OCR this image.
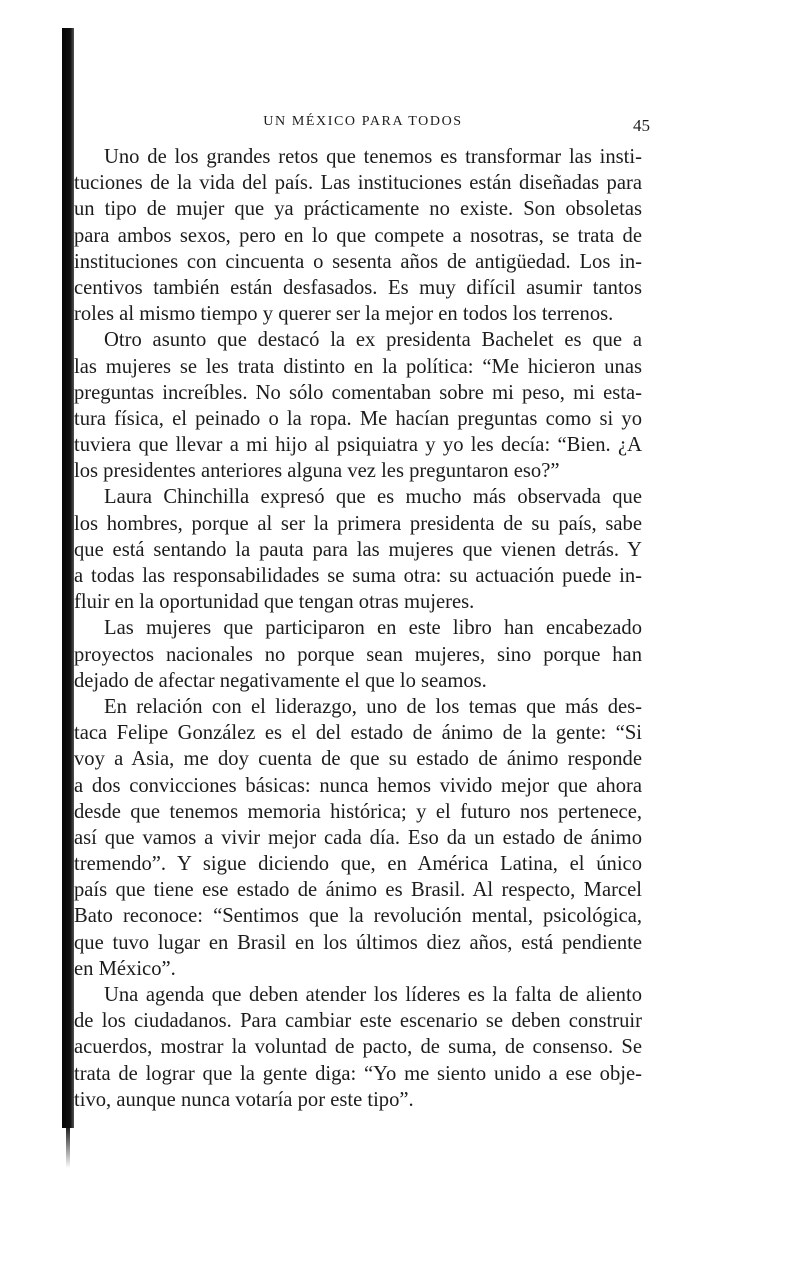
UN MÉXICO PARA TODOS	45
Uno de los grandes retos que tenemos es transformar las insti-
tuciones de la vida del país. Las instituciones están diseñadas para
un tipo de mujer que ya prácticamente no existe. Son obsoletas
para ambos sexos, pero en lo que compete a nosotras, se trata de
instituciones con cincuenta o sesenta años de antigüedad. Los in-
centivos también están desfasados. Es muy difícil asumir tantos
roles al mismo tiempo y querer ser la mejor en todos los terrenos.
Otro asunto que destacó la ex presidenta Bachelet es que a
las mujeres se les trata distinto en la política: “Me hicieron unas
preguntas increíbles. No sólo comentaban sobre mi peso, mi esta-
tura física, el peinado o la ropa. Me hacían preguntas como si yo
tuviera que llevar a mi hijo al psiquiatra y yo les decía: “Bien. ¿A
los presidentes anteriores alguna vez les preguntaron eso?”
Laura Chinchilla expresó que es mucho más observada que
los hombres, porque al ser la primera presidenta de su país, sabe
que está sentando la pauta para las mujeres que vienen detrás. Y
a todas las responsabilidades se suma otra: su actuación puede in-
fluir en la oportunidad que tengan otras mujeres.
Las mujeres que participaron en este libro han encabezado
proyectos nacionales no porque sean mujeres, sino porque han
dejado de afectar negativamente el que lo seamos.
En relación con el liderazgo, uno de los temas que más des-
taca Felipe González es el del estado de ánimo de la gente: “Si
voy a Asia, me doy cuenta de que su estado de ánimo responde
a dos convicciones básicas: nunca hemos vivido mejor que ahora
desde que tenemos memoria histórica; y el futuro nos pertenece,
así que vamos a vivir mejor cada día. Eso da un estado de ánimo
tremendo”. Y sigue diciendo que, en América Latina, el único
país que tiene ese estado de ánimo es Brasil. Al respecto, Marcel
Bato reconoce: “Sentimos que la revolución mental, psicológica,
que tuvo lugar en Brasil en los últimos diez años, está pendiente
en México”.
Una agenda que deben atender los líderes es la falta de aliento
de los ciudadanos. Para cambiar este escenario se deben construir
acuerdos, mostrar la voluntad de pacto, de suma, de consenso. Se
trata de lograr que la gente diga: “Yo me siento unido a ese obje-
tivo, aunque nunca votaría por este tipo”.
